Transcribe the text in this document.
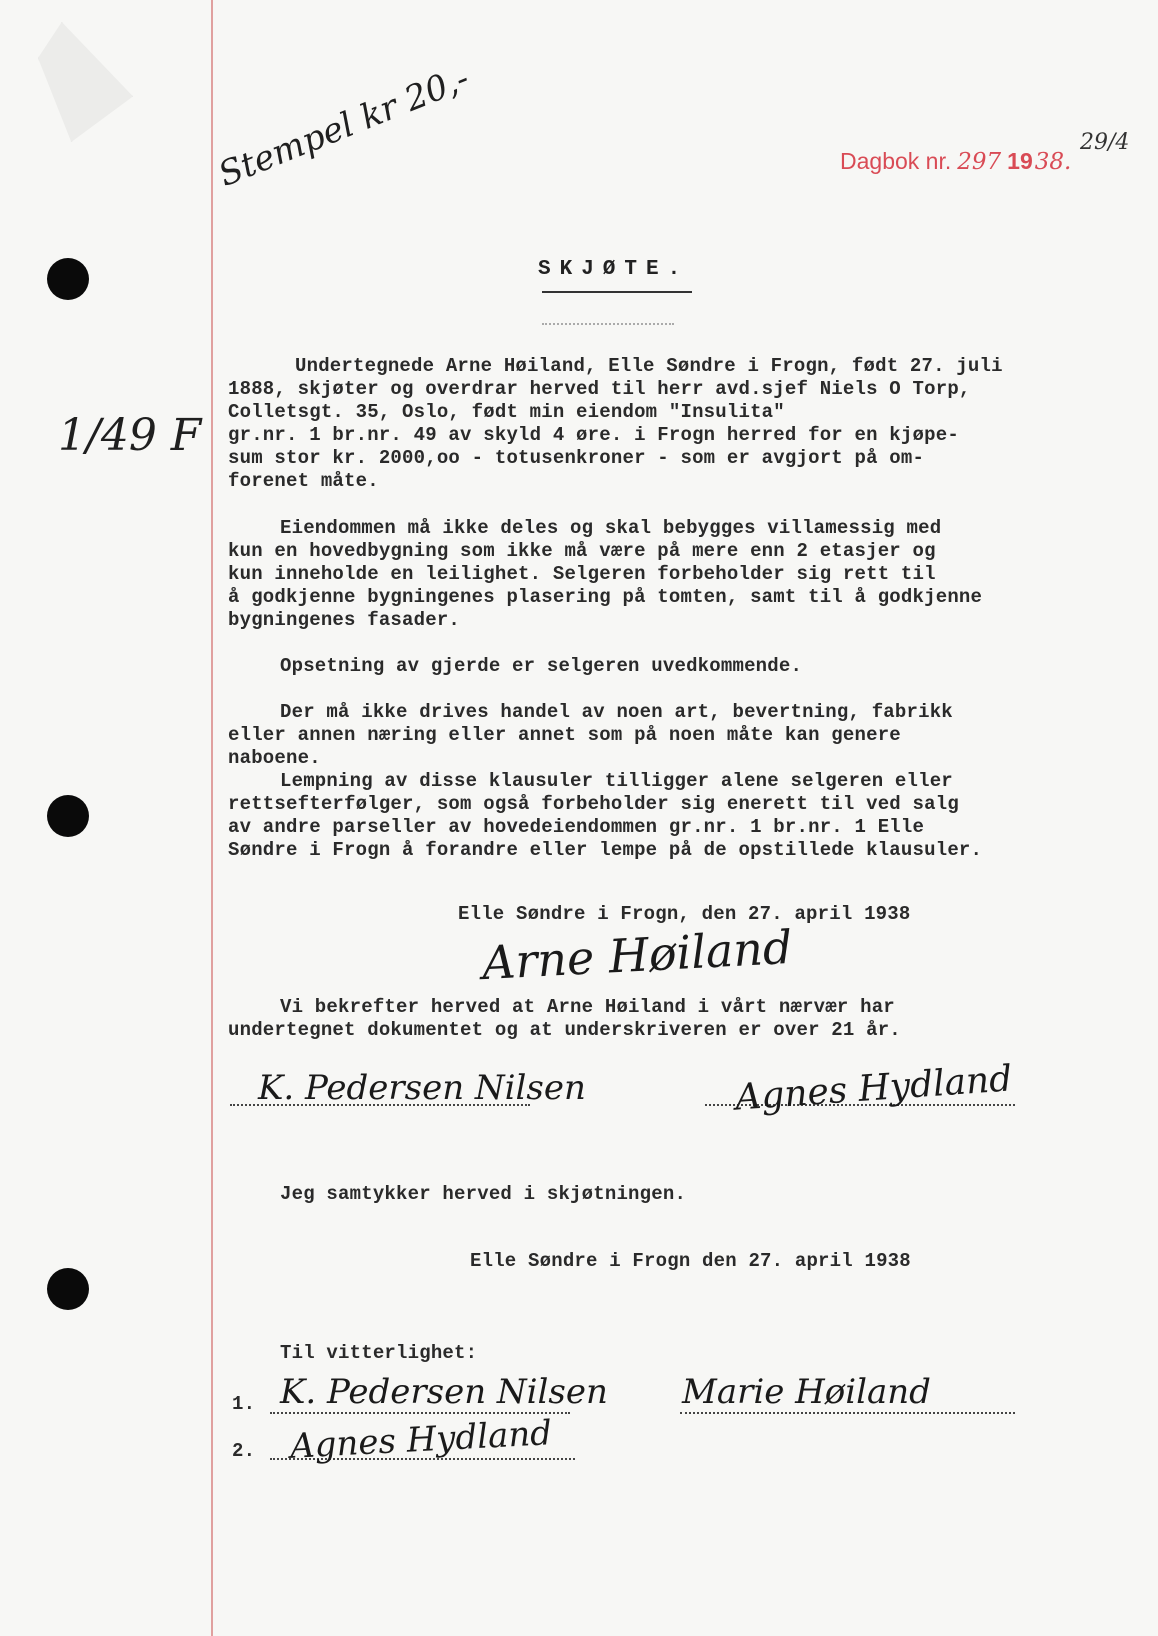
Stempel kr 20,-
1/49 F
Dagbok nr. 297 1938.
29/4
SKJØTE.
Undertegnede Arne Høiland, Elle Søndre i Frogn, født 27. juli
1888, skjøter og overdrar herved til herr avd.sjef Niels O Torp,
Colletsgt. 35, Oslo, født min eiendom "Insulita"
gr.nr. 1 br.nr. 49 av skyld 4 øre. i Frogn herred for en kjøpe-
sum stor kr. 2000,oo - totusenkroner - som er avgjort på om-
forenet måte.
Eiendommen må ikke deles og skal bebygges villamessig med
kun en hovedbygning som ikke må være på mere enn 2 etasjer og
kun inneholde en leilighet. Selgeren forbeholder sig rett til
å godkjenne bygningenes plasering på tomten, samt til å godkjenne
bygningenes fasader.
Opsetning av gjerde er selgeren uvedkommende.
Der må ikke drives handel av noen art, bevertning, fabrikk
eller annen næring eller annet som på noen måte kan genere
naboene.
Lempning av disse klausuler tilligger alene selgeren eller
rettsefterfølger, som også forbeholder sig enerett til ved salg
av andre parseller av hovedeiendommen gr.nr. 1 br.nr. 1 Elle
Søndre i Frogn å forandre eller lempe på de opstillede klausuler.
Elle Søndre i Frogn, den 27. april 1938
Arne Høiland
Vi bekrefter herved at Arne Høiland i vårt nærvær har
undertegnet dokumentet og at underskriveren er over 21 år.
K. Pedersen Nilsen	Agnes Hydland
Jeg samtykker herved i skjøtningen.
Elle Søndre i Frogn den 27. april 1938
Til vitterlighet:
1. K. Pedersen Nilsen Marie Høiland
2. Agnes Hydland
